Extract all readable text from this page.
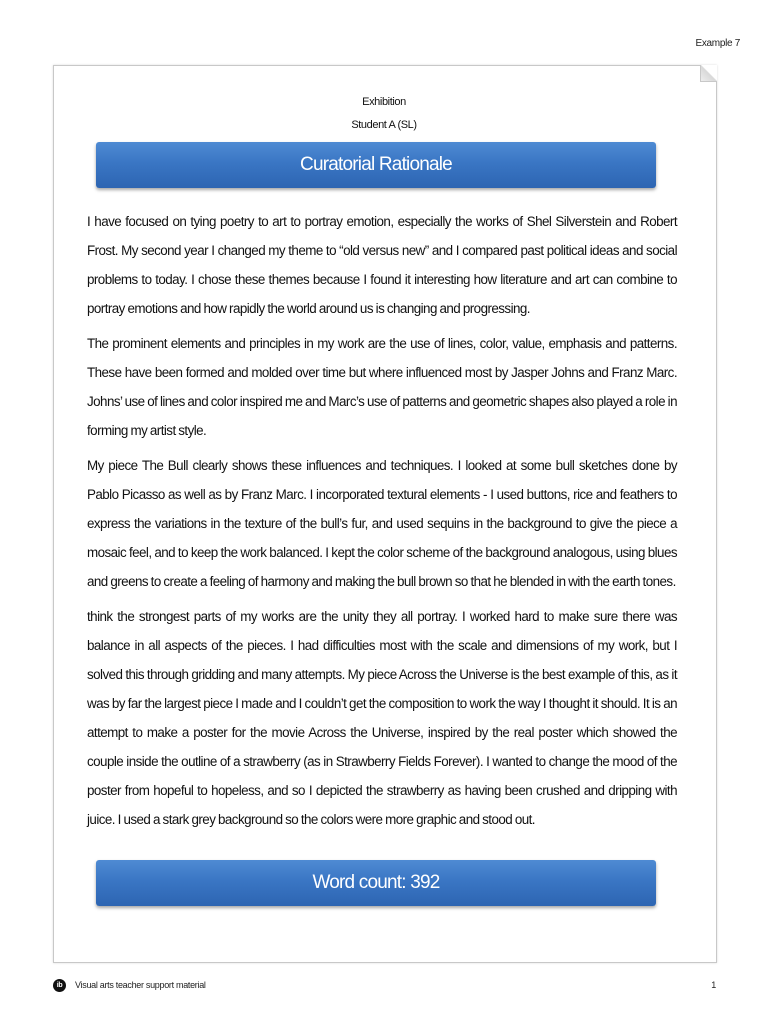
Example 7
Exhibition
Student A (SL)
Curatorial Rationale

I have focused on tying poetry to art to portray emotion, especially the works of Shel Silverstein and Robert Frost. My second year I changed my theme to “old versus new” and I compared past political ideas and social problems to today. I chose these themes because I found it interesting how literature and art can combine to portray emotions and how rapidly the world around us is changing and progressing.

The prominent elements and principles in my work are the use of lines, color, value, emphasis and patterns. These have been formed and molded over time but where influenced most by Jasper Johns and Franz Marc. Johns’ use of lines and color inspired me and Marc’s use of patterns and geometric shapes also played a role in forming my artist style.

My piece The Bull clearly shows these influences and techniques. I looked at some bull sketches done by Pablo Picasso as well as by Franz Marc. I incorporated textural elements - I used buttons, rice and feathers to express the variations in the texture of the bull’s fur, and used sequins in the background to give the piece a mosaic feel, and to keep the work balanced. I kept the color scheme of the background analogous, using blues and greens to create a feeling of harmony and making the bull brown so that he blended in with the earth tones.

think the strongest parts of my works are the unity they all portray. I worked hard to make sure there was balance in all aspects of the pieces. I had difficulties most with the scale and dimensions of my work, but I solved this through gridding and many attempts. My piece Across the Universe is the best example of this, as it was by far the largest piece I made and I couldn’t get the composition to work the way I thought it should. It is an attempt to make a poster for the movie Across the Universe, inspired by the real poster which showed the couple inside the outline of a strawberry (as in Strawberry Fields Forever). I wanted to change the mood of the poster from hopeful to hopeless, and so I depicted the strawberry as having been crushed and dripping with juice. I used a stark grey background so the colors were more graphic and stood out.

Word count: 392
ib	Visual arts teacher support material	1
